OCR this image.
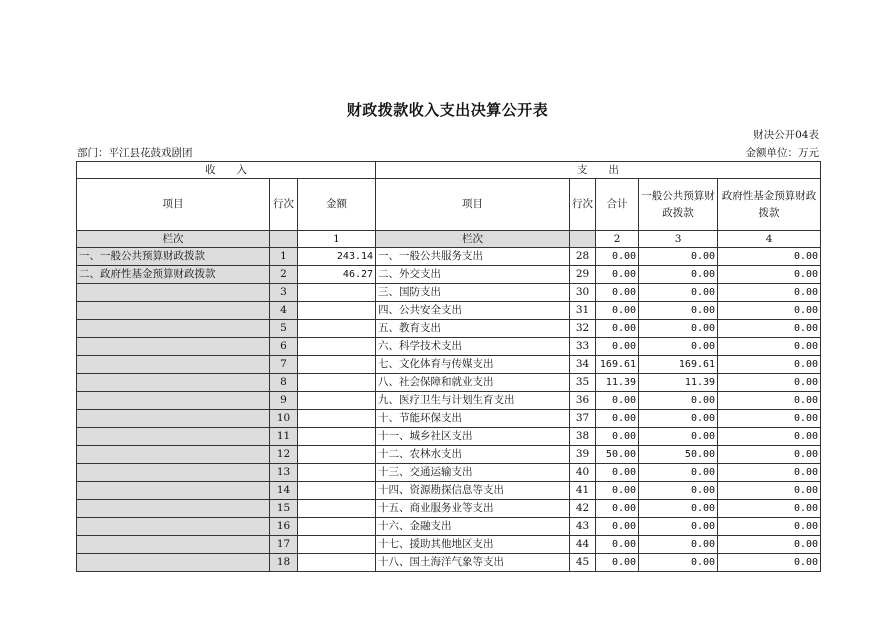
财政拨款收入支出决算公开表
财决公开04表
部门：平江县花鼓戏剧团	金额单位：万元
收　　入			支　　出				
项目	行次	金额	项目	行次	合计	一般公共预算财政拨款	政府性基金预算财政拨款
栏次		1	栏次		2	3	4
一、一般公共预算财政拨款	1	243.14	一、一般公共服务支出	28	0.00	0.00	0.00
二、政府性基金预算财政拨款	2	46.27	二、外交支出	29	0.00	0.00	0.00
	3		三、国防支出	30	0.00	0.00	0.00
	4		四、公共安全支出	31	0.00	0.00	0.00
	5		五、教育支出	32	0.00	0.00	0.00
	6		六、科学技术支出	33	0.00	0.00	0.00
	7		七、文化体育与传媒支出	34	169.61	169.61	0.00
	8		八、社会保障和就业支出	35	11.39	11.39	0.00
	9		九、医疗卫生与计划生育支出	36	0.00	0.00	0.00
	10		十、节能环保支出	37	0.00	0.00	0.00
	11		十一、城乡社区支出	38	0.00	0.00	0.00
	12		十二、农林水支出	39	50.00	50.00	0.00
	13		十三、交通运输支出	40	0.00	0.00	0.00
	14		十四、资源勘探信息等支出	41	0.00	0.00	0.00
	15		十五、商业服务业等支出	42	0.00	0.00	0.00
	16		十六、金融支出	43	0.00	0.00	0.00
	17		十七、援助其他地区支出	44	0.00	0.00	0.00
	18		十八、国土海洋气象等支出	45	0.00	0.00	0.00
